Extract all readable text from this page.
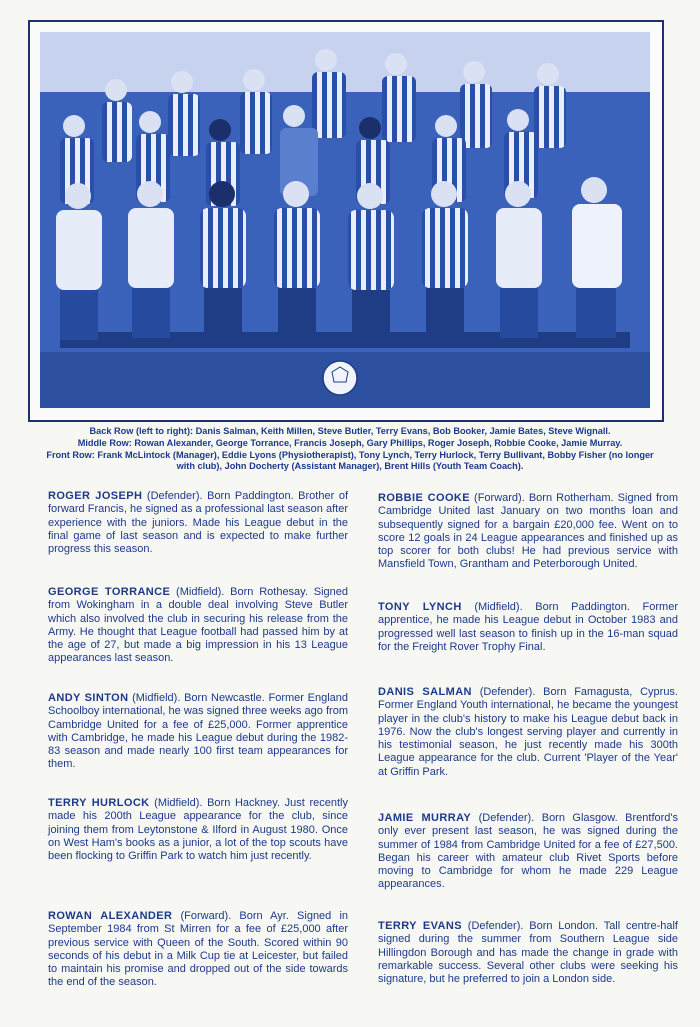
Back Row (left to right): Danis Salman, Keith Millen, Steve Butler, Terry Evans, Bob Booker, Jamie Bates, Steve Wignall.

Middle Row: Rowan Alexander, George Torrance, Francis Joseph, Gary Phillips, Roger Joseph, Robbie Cooke, Jamie Murray.

Front Row: Frank McLintock (Manager), Eddie Lyons (Physiotherapist), Tony Lynch, Terry Hurlock, Terry Bullivant, Bobby Fisher (no longer with club), John Docherty (Assistant Manager), Brent Hills (Youth Team Coach).

ROGER JOSEPH (Defender). Born Paddington. Brother of forward Francis, he signed as a professional last season after experience with the juniors. Made his League debut in the final game of last season and is expected to make further progress this season.
GEORGE TORRANCE (Midfield). Born Rothesay. Signed from Wokingham in a double deal involving Steve Butler which also involved the club in securing his release from the Army. He thought that League football had passed him by at the age of 27, but made a big impression in his 13 League appearances last season.
ANDY SINTON (Midfield). Born Newcastle. Former England Schoolboy international, he was signed three weeks ago from Cambridge United for a fee of £25,000. Former apprentice with Cambridge, he made his League debut during the 1982-83 season and made nearly 100 first team appearances for them.
TERRY HURLOCK (Midfield). Born Hackney. Just recently made his 200th League appearance for the club, since joining them from Leytonstone & Ilford in August 1980. Once on West Ham's books as a junior, a lot of the top scouts have been flocking to Griffin Park to watch him just recently.
ROWAN ALEXANDER (Forward). Born Ayr. Signed in September 1984 from St Mirren for a fee of £25,000 after previous service with Queen of the South. Scored within 90 seconds of his debut in a Milk Cup tie at Leicester, but failed to maintain his promise and dropped out of the side towards the end of the season.
ROBBIE COOKE (Forward). Born Rotherham. Signed from Cambridge United last January on two months loan and subsequently signed for a bargain £20,000 fee. Went on to score 12 goals in 24 League appearances and finished up as top scorer for both clubs! He had previous service with Mansfield Town, Grantham and Peterborough United.
TONY LYNCH (Midfield). Born Paddington. Former apprentice, he made his League debut in October 1983 and progressed well last season to finish up in the 16-man squad for the Freight Rover Trophy Final.
DANIS SALMAN (Defender). Born Famagusta, Cyprus. Former England Youth international, he became the youngest player in the club's history to make his League debut back in 1976. Now the club's longest serving player and currently in his testimonial season, he just recently made his 300th League appearance for the club. Current 'Player of the Year' at Griffin Park.
JAMIE MURRAY (Defender). Born Glasgow. Brentford's only ever present last season, he was signed during the summer of 1984 from Cambridge United for a fee of £27,500. Began his career with amateur club Rivet Sports before moving to Cambridge for whom he made 229 League appearances.
TERRY EVANS (Defender). Born London. Tall centre-half signed during the summer from Southern League side Hillingdon Borough and has made the change in grade with remarkable success. Several other clubs were seeking his signature, but he preferred to join a London side.
